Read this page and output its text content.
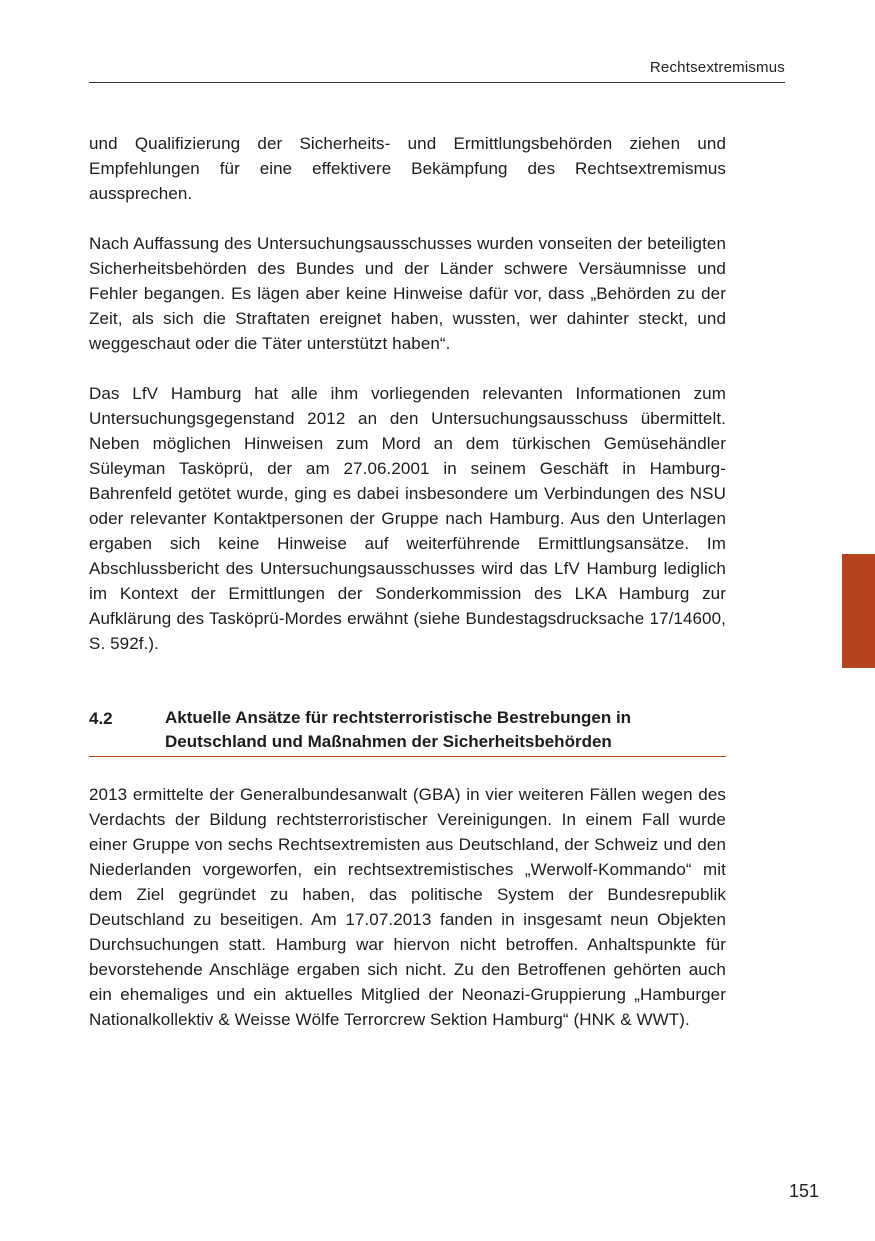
Rechtsextremismus

und Qualifizierung der Sicherheits- und Ermittlungsbehörden ziehen und Empfehlungen für eine effektivere Bekämpfung des Rechtsextremismus aussprechen.

Nach Auffassung des Untersuchungsausschusses wurden vonseiten der beteiligten Sicherheitsbehörden des Bundes und der Länder schwere Versäumnisse und Fehler begangen. Es lägen aber keine Hinweise dafür vor, dass „Behörden zu der Zeit, als sich die Straftaten ereignet haben, wussten, wer dahinter steckt, und weggeschaut oder die Täter unterstützt haben“.

Das LfV Hamburg hat alle ihm vorliegenden relevanten Informationen zum Untersuchungsgegenstand 2012 an den Untersuchungsausschuss übermittelt. Neben möglichen Hinweisen zum Mord an dem türkischen Gemüsehändler Süleyman Tasköprü, der am 27.06.2001 in seinem Geschäft in Hamburg-Bahrenfeld getötet wurde, ging es dabei insbesondere um Verbindungen des NSU oder relevanter Kontaktpersonen der Gruppe nach Hamburg. Aus den Unterlagen ergaben sich keine Hinweise auf weiterführende Ermittlungsansätze. Im Abschlussbericht des Untersuchungsausschusses wird das LfV Hamburg lediglich im Kontext der Ermittlungen der Sonderkommission des LKA Hamburg zur Aufklärung des Tasköprü-Mordes erwähnt (siehe Bundestagsdrucksache 17/14600, S. 592f.).

4.2	Aktuelle Ansätze für rechtsterroristische Bestrebungen in Deutschland und Maßnahmen der Sicherheitsbehörden

2013 ermittelte der Generalbundesanwalt (GBA) in vier weiteren Fällen wegen des Verdachts der Bildung rechtsterroristischer Vereinigungen. In einem Fall wurde einer Gruppe von sechs Rechtsextremisten aus Deutschland, der Schweiz und den Niederlanden vorgeworfen, ein rechtsextremistisches „Werwolf-Kommando“ mit dem Ziel gegründet zu haben, das politische System der Bundesrepublik Deutschland zu beseitigen. Am 17.07.2013 fanden in insgesamt neun Objekten Durchsuchungen statt. Hamburg war hiervon nicht betroffen. Anhaltspunkte für bevorstehende Anschläge ergaben sich nicht. Zu den Betroffenen gehörten auch ein ehemaliges und ein aktuelles Mitglied der Neonazi-Gruppierung „Hamburger Nationalkollektiv & Weisse Wölfe Terrorcrew Sektion Hamburg“ (HNK & WWT).

151
